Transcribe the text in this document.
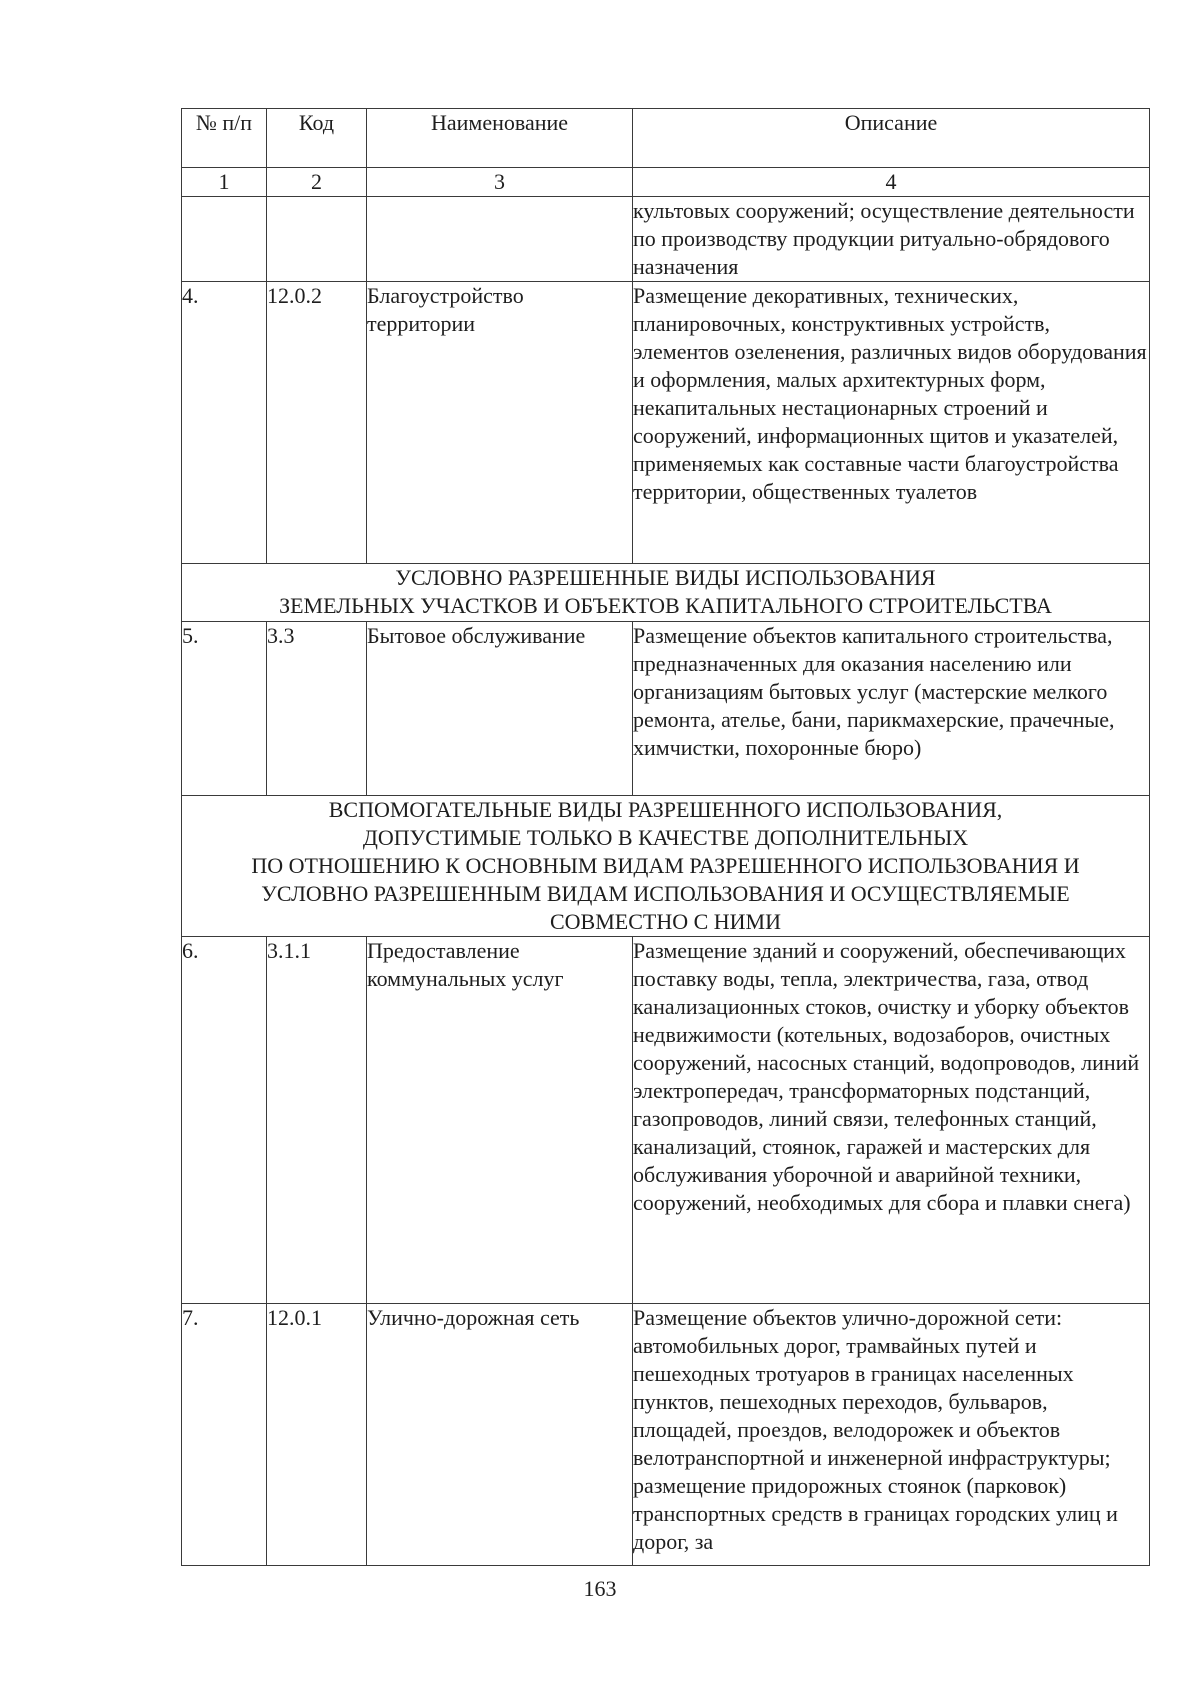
№ п/п	Код	Наименование	Описание
1	2	3	4
			культовых сооружений; осуществление деятельности по производству продукции ритуально-обрядового назначения
4.	12.0.2	Благоустройство территории	Размещение декоративных, технических, планировочных, конструктивных устройств, элементов озеленения, различных видов оборудования и оформления, малых архитектурных форм, некапитальных нестационарных строений и сооружений, информационных щитов и указателей, применяемых как составные части благоустройства территории, общественных туалетов

УСЛОВНО РАЗРЕШЕННЫЕ ВИДЫ ИСПОЛЬЗОВАНИЯ
ЗЕМЕЛЬНЫХ УЧАСТКОВ И ОБЪЕКТОВ КАПИТАЛЬНОГО СТРОИТЕЛЬСТВА			

5.	3.3	Бытовое обслуживание	Размещение объектов капитального строительства, предназначенных для оказания населению или организациям бытовых услуг (мастерские мелкого ремонта, ателье, бани, парикмахерские, прачечные, химчистки, похоронные бюро)

ВСПОМОГАТЕЛЬНЫЕ ВИДЫ РАЗРЕШЕННОГО ИСПОЛЬЗОВАНИЯ,
ДОПУСТИМЫЕ ТОЛЬКО В КАЧЕСТВЕ ДОПОЛНИТЕЛЬНЫХ
ПО ОТНОШЕНИЮ К ОСНОВНЫМ ВИДАМ РАЗРЕШЕННОГО ИСПОЛЬЗОВАНИЯ И
УСЛОВНО РАЗРЕШЕННЫМ ВИДАМ ИСПОЛЬЗОВАНИЯ И ОСУЩЕСТВЛЯЕМЫЕ
СОВМЕСТНО С НИМИ			

6.	3.1.1	Предоставление коммунальных услуг	Размещение зданий и сооружений, обеспечивающих поставку воды, тепла, электричества, газа, отвод канализационных стоков, очистку и уборку объектов недвижимости (котельных, водозаборов, очистных сооружений, насосных станций, водопроводов, линий электропередач, трансформаторных подстанций, газопроводов, линий связи, телефонных станций, канализаций, стоянок, гаражей и мастерских для обслуживания уборочной и аварийной техники, сооружений, необходимых для сбора и плавки снега)
7.	12.0.1	Улично-дорожная сеть	Размещение объектов улично-дорожной сети: автомобильных дорог, трамвайных путей и пешеходных тротуаров в границах населенных пунктов, пешеходных переходов, бульваров, площадей, проездов, велодорожек и объектов велотранспортной и инженерной инфраструктуры; размещение придорожных стоянок (парковок) транспортных средств в границах городских улиц и дорог, за
163
